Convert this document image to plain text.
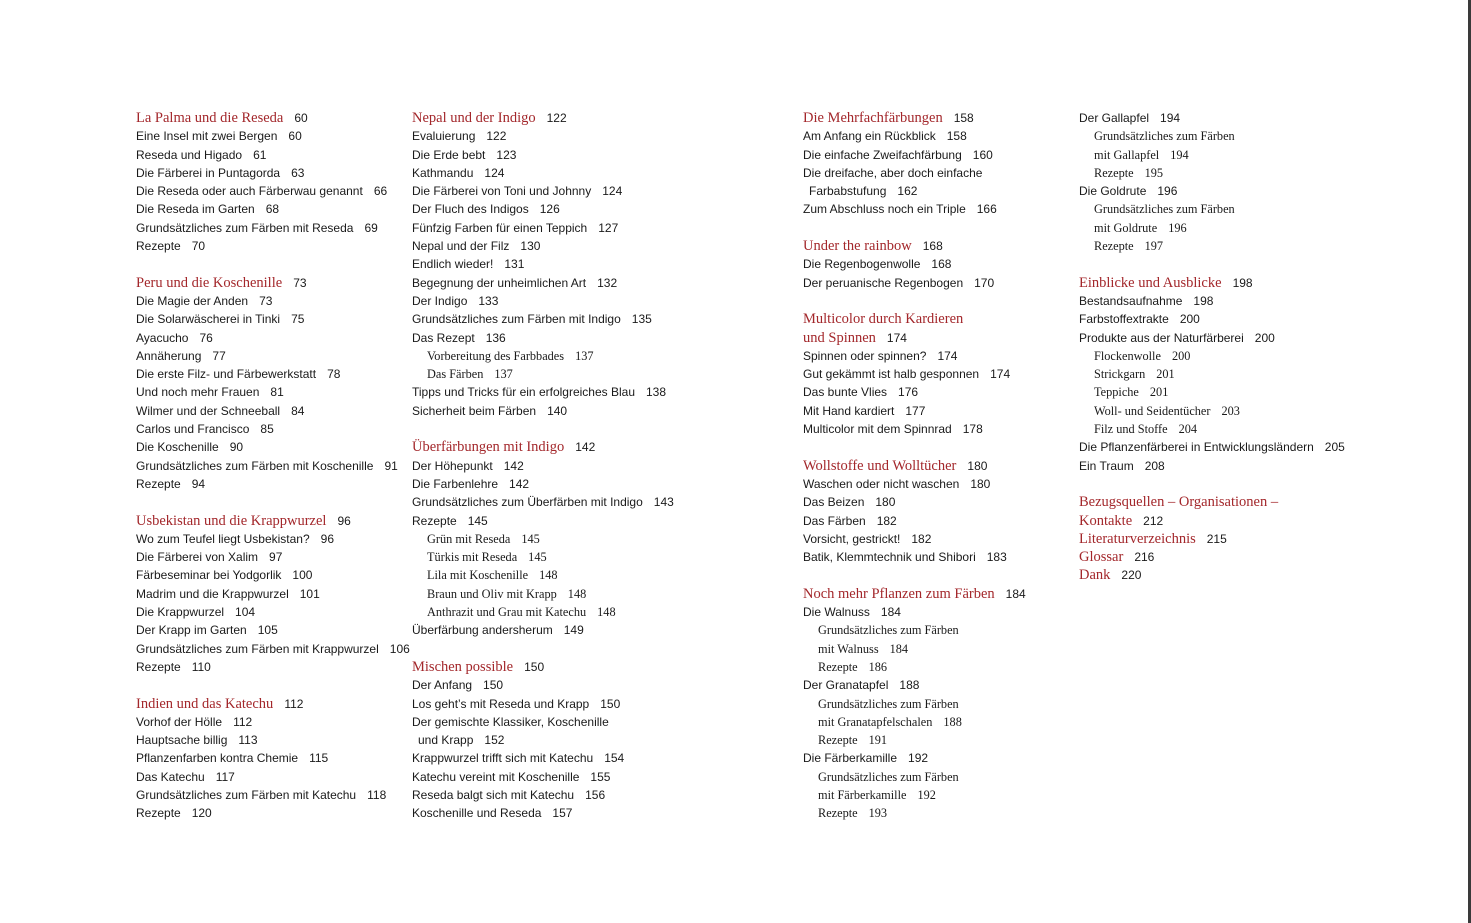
La Palma und die Reseda 60
Eine Insel mit zwei Bergen 60
Reseda und Higado 61
Die Färberei in Puntagorda 63
Die Reseda oder auch Färberwau genannt 66
Die Reseda im Garten 68
Grundsätzliches zum Färben mit Reseda 69
Rezepte 70
Peru und die Koschenille 73
Die Magie der Anden 73
Die Solarwäscherei in Tinki 75
Ayacucho 76
Annäherung 77
Die erste Filz- und Färbewerkstatt 78
Und noch mehr Frauen 81
Wilmer und der Schneeball 84
Carlos und Francisco 85
Die Koschenille 90
Grundsätzliches zum Färben mit Koschenille 91
Rezepte 94
Usbekistan und die Krappwurzel 96
Wo zum Teufel liegt Usbekistan? 96
Die Färberei von Xalim 97
Färbeseminar bei Yodgorlik 100
Madrim und die Krappwurzel 101
Die Krappwurzel 104
Der Krapp im Garten 105
Grundsätzliches zum Färben mit Krappwurzel 106
Rezepte 110
Indien und das Katechu 112
Vorhof der Hölle 112
Hauptsache billig 113
Pflanzenfarben kontra Chemie 115
Das Katechu 117
Grundsätzliches zum Färben mit Katechu 118
Rezepte 120
Nepal und der Indigo 122
Evaluierung 122
Die Erde bebt 123
Kathmandu 124
Die Färberei von Toni und Johnny 124
Der Fluch des Indigos 126
Fünfzig Farben für einen Teppich 127
Nepal und der Filz 130
Endlich wieder! 131
Begegnung der unheimlichen Art 132
Der Indigo 133
Grundsätzliches zum Färben mit Indigo 135
Das Rezept 136
Vorbereitung des Farbbades 137
Das Färben 137
Tipps und Tricks für ein erfolgreiches Blau 138
Sicherheit beim Färben 140
Überfärbungen mit Indigo 142
Der Höhepunkt 142
Die Farbenlehre 142
Grundsätzliches zum Überfärben mit Indigo 143
Rezepte 145
Grün mit Reseda 145
Türkis mit Reseda 145
Lila mit Koschenille 148
Braun und Oliv mit Krapp 148
Anthrazit und Grau mit Katechu 148
Überfärbung andersherum 149
Mischen possible 150
Der Anfang 150
Los geht’s mit Reseda und Krapp 150
Der gemischte Klassiker, Koschenille
und Krapp 152
Krappwurzel trifft sich mit Katechu 154
Katechu vereint mit Koschenille 155
Reseda balgt sich mit Katechu 156
Koschenille und Reseda 157
Die Mehrfachfärbungen 158
Am Anfang ein Rückblick 158
Die einfache Zweifachfärbung 160
Die dreifache, aber doch einfache
Farbabstufung 162
Zum Abschluss noch ein Triple 166
Under the rainbow 168
Die Regenbogenwolle 168
Der peruanische Regenbogen 170
Multicolor durch Kardieren
und Spinnen 174
Spinnen oder spinnen? 174
Gut gekämmt ist halb gesponnen 174
Das bunte Vlies 176
Mit Hand kardiert 177
Multicolor mit dem Spinnrad 178
Wollstoffe und Wolltücher 180
Waschen oder nicht waschen 180
Das Beizen 180
Das Färben 182
Vorsicht, gestrickt! 182
Batik, Klemmtechnik und Shibori 183
Noch mehr Pflanzen zum Färben 184
Die Walnuss 184
Grundsätzliches zum Färben
mit Walnuss 184
Rezepte 186
Der Granatapfel 188
Grundsätzliches zum Färben
mit Granatapfelschalen 188
Rezepte 191
Die Färberkamille 192
Grundsätzliches zum Färben
mit Färberkamille 192
Rezepte 193
Der Gallapfel 194
Grundsätzliches zum Färben
mit Gallapfel 194
Rezepte 195
Die Goldrute 196
Grundsätzliches zum Färben
mit Goldrute 196
Rezepte 197
Einblicke und Ausblicke 198
Bestandsaufnahme 198
Farbstoffextrakte 200
Produkte aus der Naturfärberei 200
Flockenwolle 200
Strickgarn 201
Teppiche 201
Woll- und Seidentücher 203
Filz und Stoffe 204
Die Pflanzenfärberei in Entwicklungsländern 205
Ein Traum 208
Bezugsquellen – Organisationen –
Kontakte 212
Literaturverzeichnis 215
Glossar 216
Dank 220
